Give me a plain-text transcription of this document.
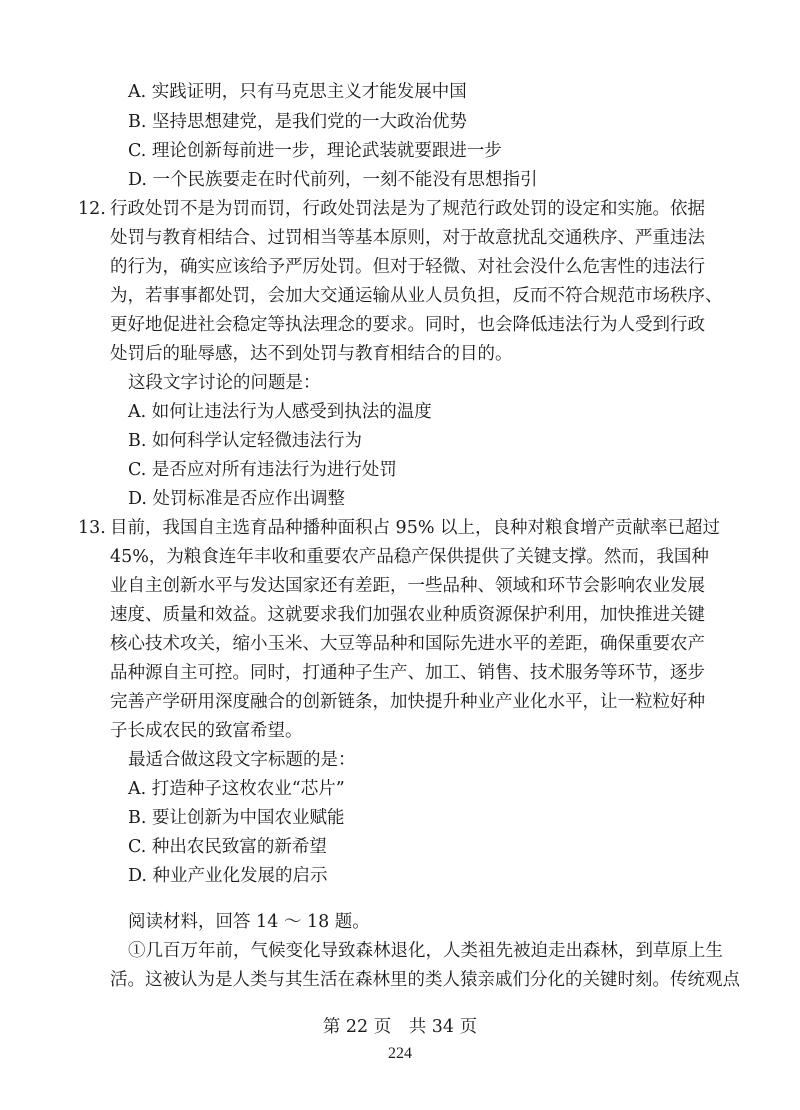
A. 实践证明，只有马克思主义才能发展中国
B. 坚持思想建党，是我们党的一大政治优势
C. 理论创新每前进一步，理论武装就要跟进一步
D. 一个民族要走在时代前列，一刻不能没有思想指引
12. 行政处罚不是为罚而罚，行政处罚法是为了规范行政处罚的设定和实施。依据
处罚与教育相结合、过罚相当等基本原则，对于故意扰乱交通秩序、严重违法
的行为，确实应该给予严厉处罚。但对于轻微、对社会没什么危害性的违法行
为，若事事都处罚，会加大交通运输从业人员负担，反而不符合规范市场秩序、
更好地促进社会稳定等执法理念的要求。同时，也会降低违法行为人受到行政
处罚后的耻辱感，达不到处罚与教育相结合的目的。
这段文字讨论的问题是：
A. 如何让违法行为人感受到执法的温度
B. 如何科学认定轻微违法行为
C. 是否应对所有违法行为进行处罚
D. 处罚标准是否应作出调整
13. 目前，我国自主选育品种播种面积占 95% 以上，良种对粮食增产贡献率已超过
45%，为粮食连年丰收和重要农产品稳产保供提供了关键支撑。然而，我国种
业自主创新水平与发达国家还有差距，一些品种、领域和环节会影响农业发展
速度、质量和效益。这就要求我们加强农业种质资源保护利用，加快推进关键
核心技术攻关，缩小玉米、大豆等品种和国际先进水平的差距，确保重要农产
品种源自主可控。同时，打通种子生产、加工、销售、技术服务等环节，逐步
完善产学研用深度融合的创新链条，加快提升种业产业化水平，让一粒粒好种
子长成农民的致富希望。
最适合做这段文字标题的是：
A. 打造种子这枚农业“芯片”
B. 要让创新为中国农业赋能
C. 种出农民致富的新希望
D. 种业产业化发展的启示
阅读材料，回答 14 ～ 18 题。
①几百万年前，气候变化导致森林退化，人类祖先被迫走出森林，到草原上生
活。这被认为是人类与其生活在森林里的类人猿亲戚们分化的关键时刻。传统观点
第 22 页　共 34 页
224
